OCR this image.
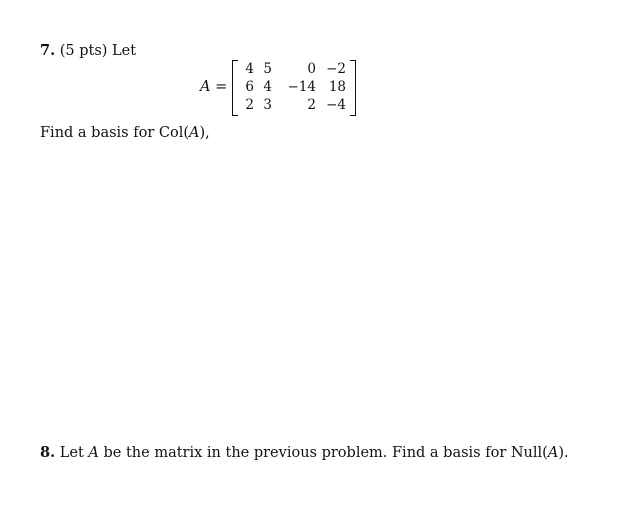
7. (5 pts) Let
A =
4 5	0 −2
6 4	−14 18
2 3	2 −4
Find a basis for Col(A),
8. Let A be the matrix in the previous problem. Find a basis for Null(A).
